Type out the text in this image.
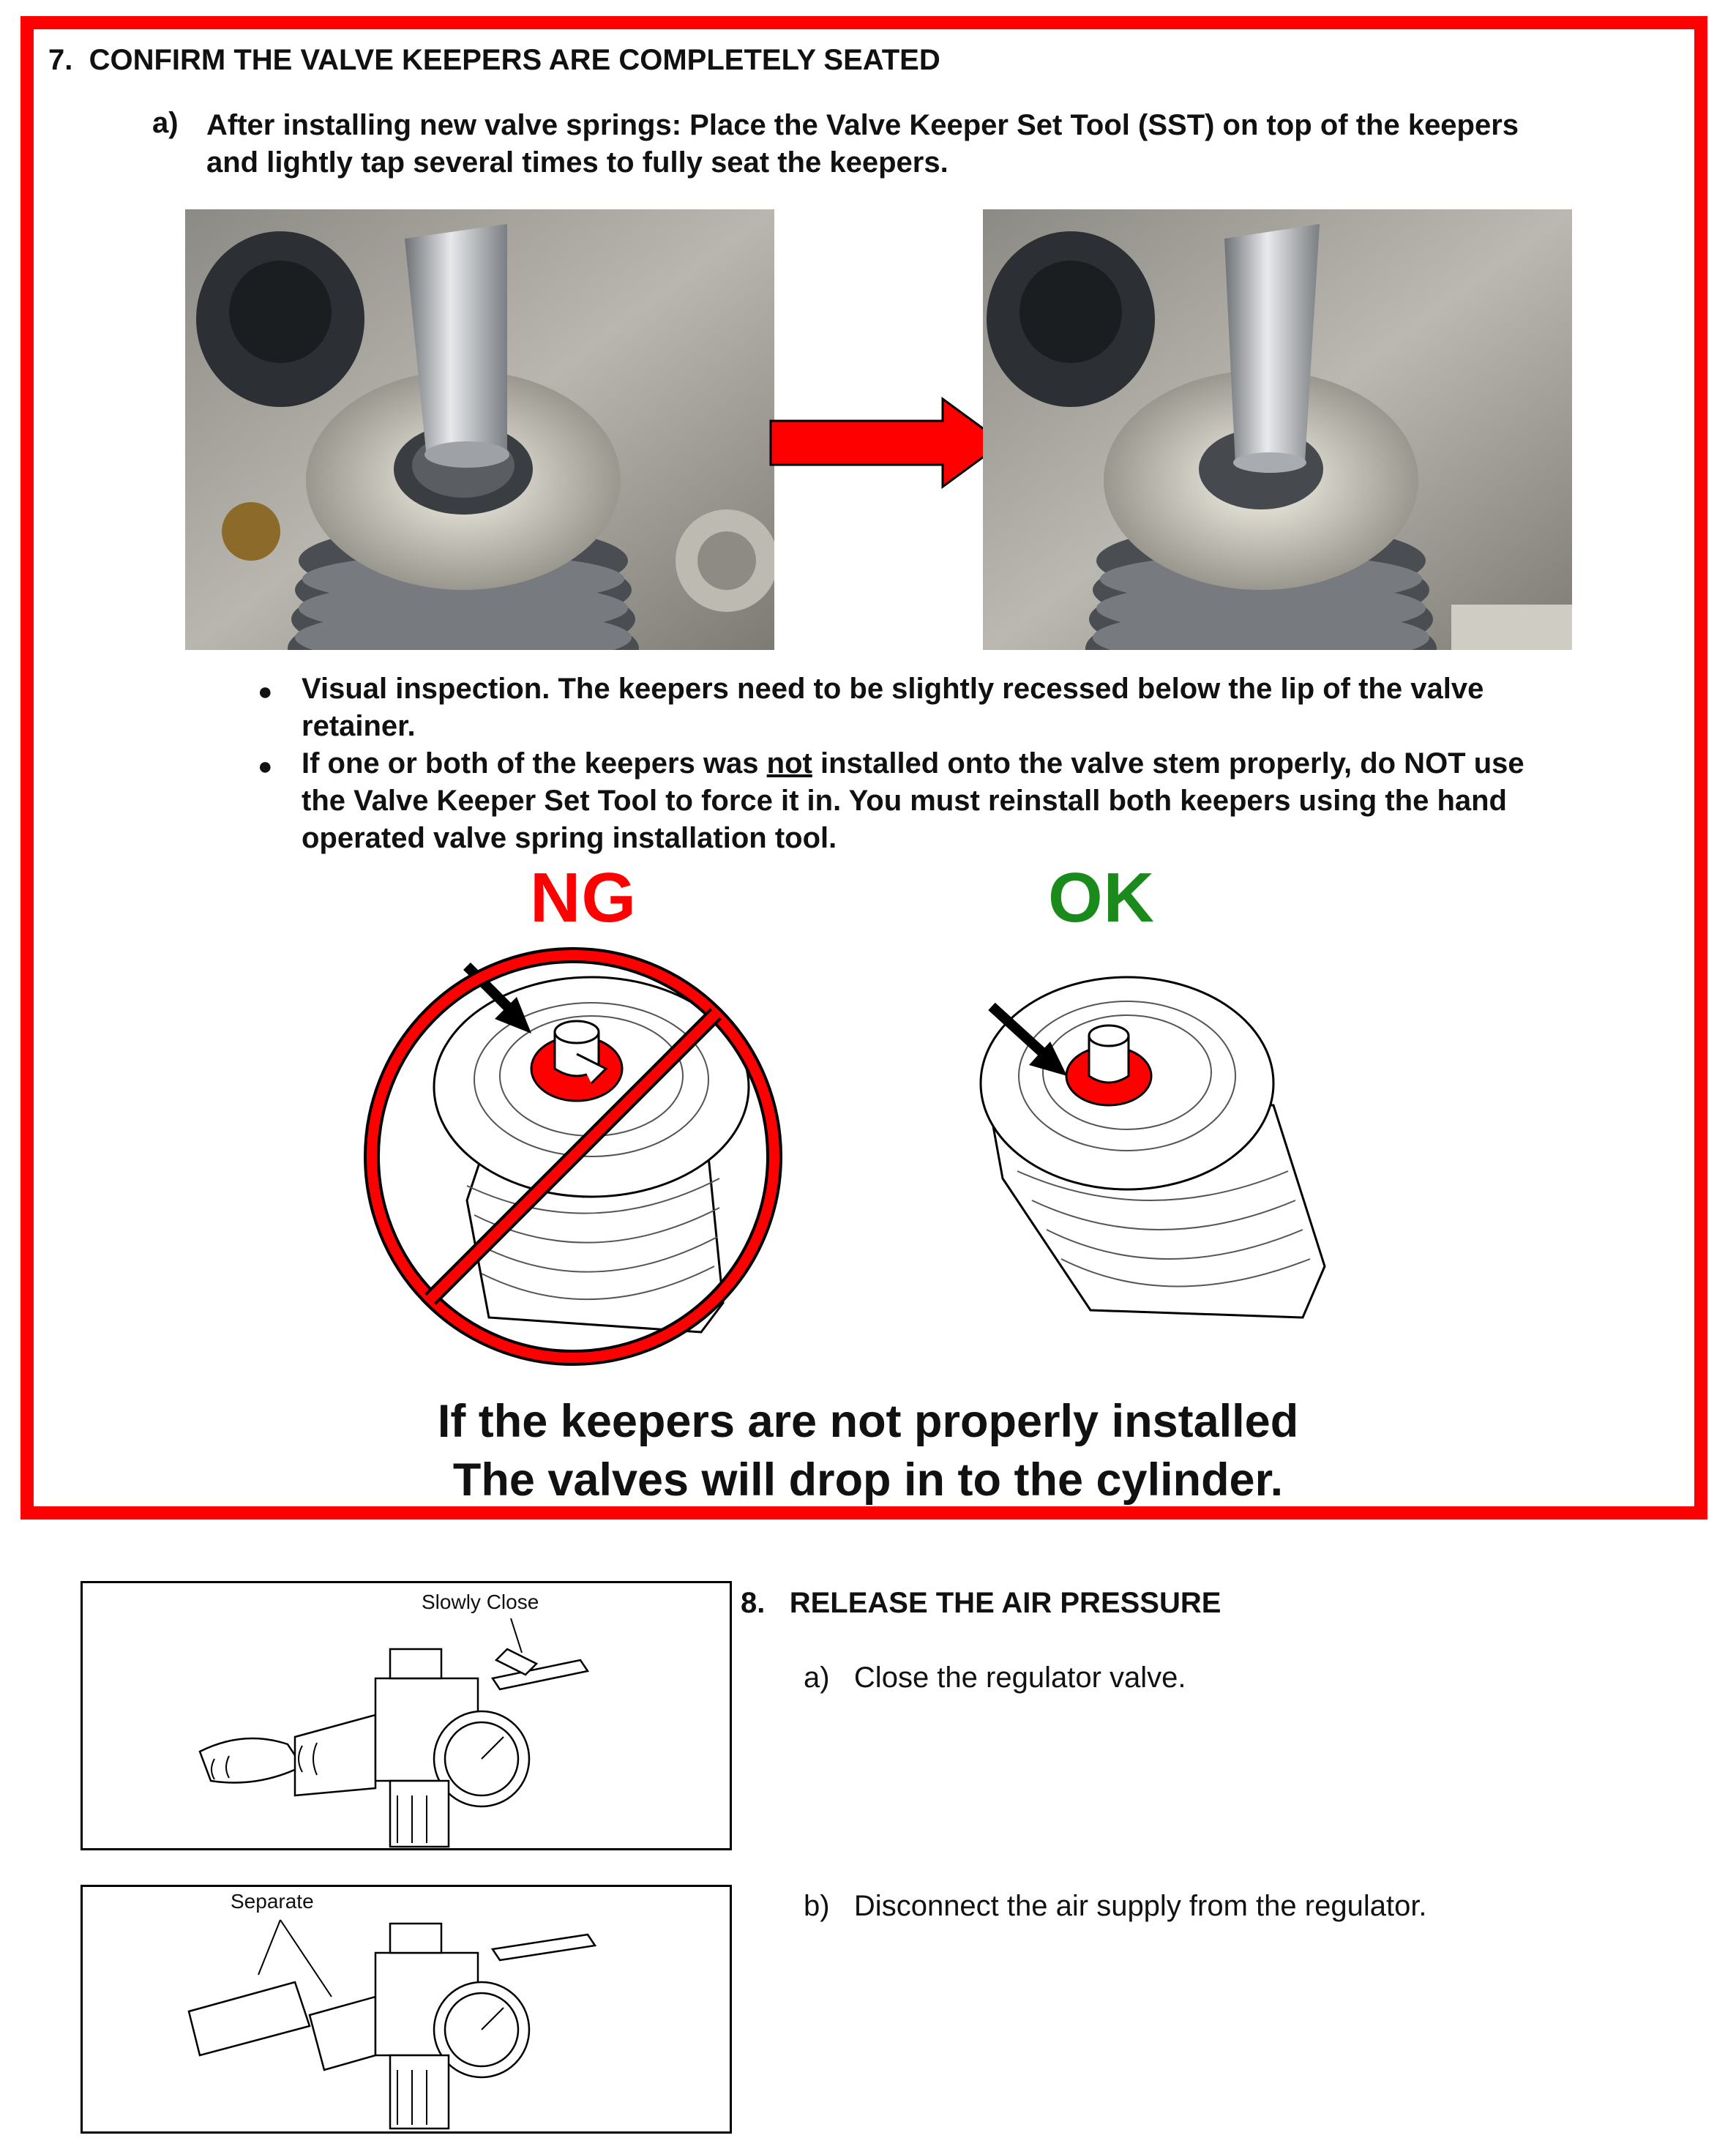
7. CONFIRM THE VALVE KEEPERS ARE COMPLETELY SEATED
a) After installing new valve springs: Place the Valve Keeper Set Tool (SST) on top of the keepers
and lightly tap several times to fully seat the keepers.
● Visual inspection. The keepers need to be slightly recessed below the lip of the valve
retainer.
● If one or both of the keepers was not installed onto the valve stem properly, do NOT use
the Valve Keeper Set Tool to force it in. You must reinstall both keepers using the hand
operated valve spring installation tool.
NG	OK
If the keepers are not properly installed
The valves will drop in to the cylinder.
Slowly Close	8. RELEASE THE AIR PRESSURE
a) Close the regulator valve.
Separate	b) Disconnect the air supply from the regulator.
